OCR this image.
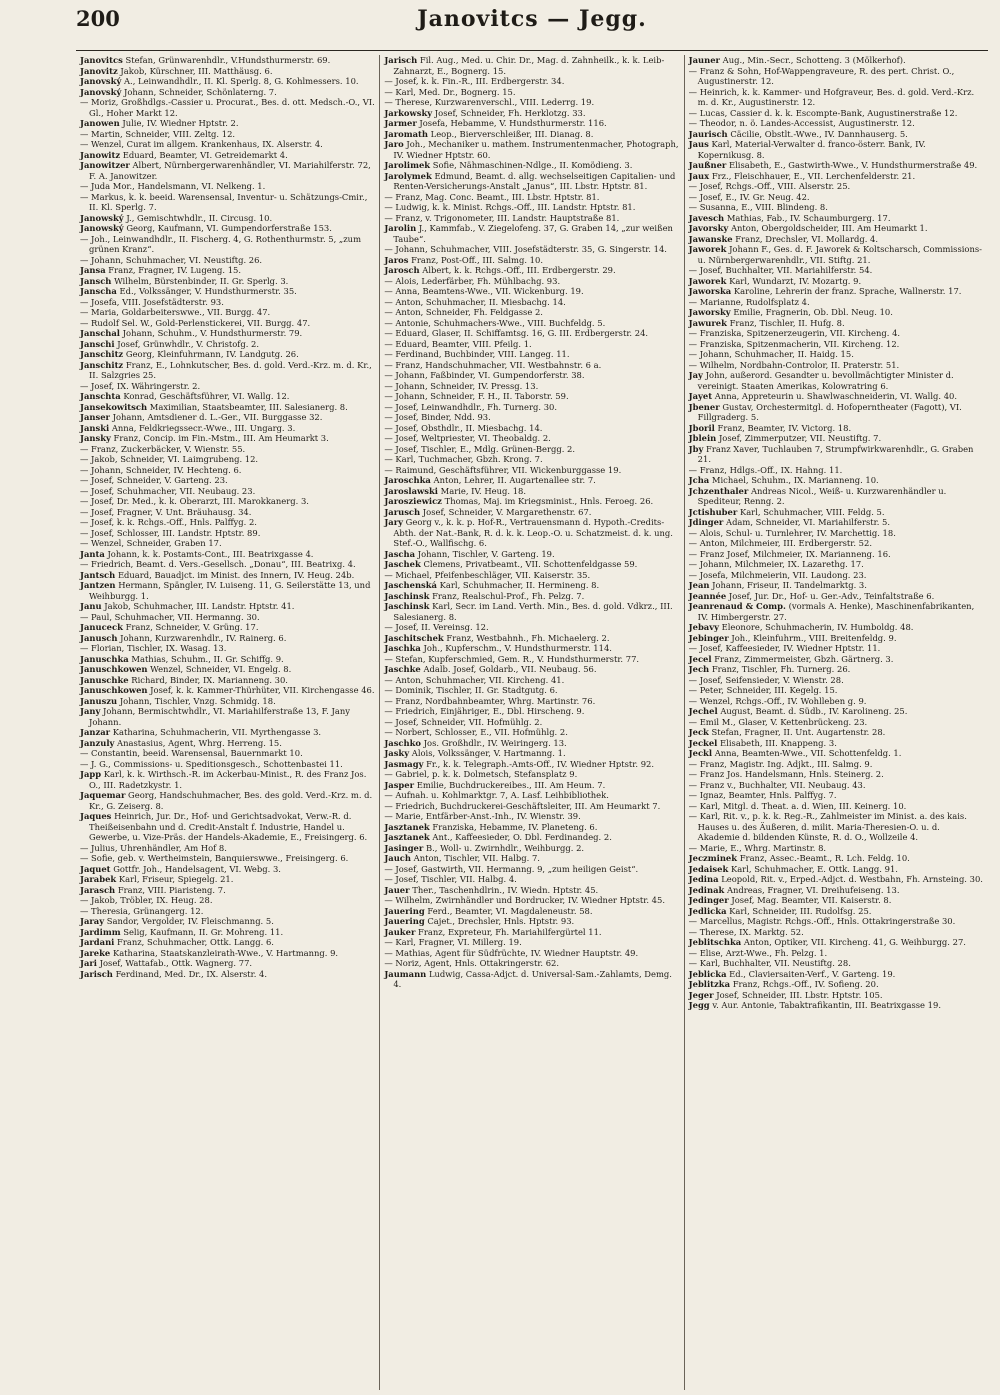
200	Janovitcs — Jegg.

Janovitcs Stefan, Grünwarenhdlr., V.Hundsthurmerstr. 69.

Janovitz Jakob, Kürschner, III. Matthäusg. 6.

Janovský A., Leinwandhdlr., II. Kl. Sperlg. 8, G. Kohlmessers. 10.

Janovský Johann, Schneider, Schönlaterng. 7.

— Moriz, Großhdlgs.-Cassier u. Procurat., Bes. d. ott. Medsch.-O., VI. Gl., Hoher Markt 12.

Janowen Julie, IV. Wiedner Hptstr. 2.

— Martin, Schneider, VIII. Zeltg. 12.

— Wenzel, Curat im allgem. Krankenhaus, IX. Alserstr. 4.

Janowitz Eduard, Beamter, VI. Getreidemarkt 4.

Janowitzer Albert, Nürnbergerwarenhändler, VI. Mariahilferstr. 72, F. A. Janowitzer.

— Juda Mor., Handelsmann, VI. Nelkeng. 1.

— Markus, k. k. beeid. Warensensal, Inventur- u. Schätzungs-Cmir., II. Kl. Sperlg. 7.

Janowský J., Gemischtwhdlr., II. Circusg. 10.

Janowský Georg, Kaufmann, VI. Gumpendorferstraße 153.

— Joh., Leinwandhdlr., II. Fischerg. 4, G. Rothenthurmstr. 5, „zum grünen Kranz“.

— Johann, Schuhmacher, VI. Neustiftg. 26.

Jansa Franz, Fragner, IV. Lugeng. 15.

Jansch Wilhelm, Bürstenbinder, II. Gr. Sperlg. 3.

Janscha Ed., Volkssänger, V. Hundsthurmerstr. 35.

— Josefa, VIII. Josefstädterstr. 93.

— Maria, Goldarbeiterswwe., VII. Burgg. 47.

— Rudolf Sel. W., Gold-Perlenstickerei, VII. Burgg. 47.

Janschal Johann, Schuhm., V. Hundsthurmerstr. 79.

Janschi Josef, Grünwhdlr., V. Christofg. 2.

Janschitz Georg, Kleinfuhrmann, IV. Landgutg. 26.

Janschitz Franz, E., Lohnkutscher, Bes. d. gold. Verd.-Krz. m. d. Kr., II. Salzgries 25.

— Josef, IX. Währingerstr. 2.

Janschta Konrad, Geschäftsführer, VI. Wallg. 12.

Jansekowitsch Maximilian, Staatsbeamter, III. Salesianerg. 8.

Janser Johann, Amtsdiener d. L.-Ger., VII. Burggasse 32.

Janski Anna, Feldkriegssecr.-Wwe., III. Ungarg. 3.

Jansky Franz, Concip. im Fin.-Mstm., III. Am Heumarkt 3.

— Franz, Zuckerbäcker, V. Wienstr. 55.

— Jakob, Schneider, VI. Laimgrubeng. 12.

— Johann, Schneider, IV. Hechteng. 6.

— Josef, Schneider, V. Garteng. 23.

— Josef, Schuhmacher, VII. Neubaug. 23.

— Josef, Dr. Med., k. k. Oberarzt, III. Marokkanerg. 3.

— Josef, Fragner, V. Unt. Bräuhausg. 34.

— Josef, k. k. Rchgs.-Off., Hnls. Palffyg. 2.

— Josef, Schlosser, III. Landstr. Hptstr. 89.

— Wenzel, Schneider, Graben 17.

Janta Johann, k. k. Postamts-Cont., III. Beatrixgasse 4.

— Friedrich, Beamt. d. Vers.-Gesellsch. „Donau“, III. Beatrixg. 4.

Jantsch Eduard, Bauadjct. im Minist. des Innern, IV. Heug. 24b.

Jantzen Hermann, Spängler, IV. Luiseng. 11, G. Seilerstätte 13, und Weihburgg. 1.

Janu Jakob, Schuhmacher, III. Landstr. Hptstr. 41.

— Paul, Schuhmacher, VII. Hermanng. 30.

Januceck Franz, Schneider, V. Grüng. 17.

Janusch Johann, Kurzwarenhdlr., IV. Rainerg. 6.

— Florian, Tischler, IX. Wasag. 13.

Januschka Mathias, Schuhm., II. Gr. Schiffg. 9.

Januschkowen Wenzel, Schneider, VI. Engelg. 8.

Januschke Richard, Binder, IX. Marianneng. 30.

Januschkowen Josef, k. k. Kammer-Thürhüter, VII. Kirchengasse 46.

Januszu Johann, Tischler, Vnzg. Schmidg. 18.

Jany Johann, Bermischtwhdlr., VI. Mariahilferstraße 13, F. Jany Johann.

Janzar Katharina, Schuhmacherin, VII. Myrthengasse 3.

Janzuly Anastasius, Agent, Whrg. Herreng. 15.

— Constantin, beeid. Warensensal, Bauernmarkt 10.

— J. G., Commissions- u. Speditionsgesch., Schottenbastei 11.

Japp Karl, k. k. Wirthsch.-R. im Ackerbau-Minist., R. des Franz Jos. O., III. Radetzkystr. 1.

Jaquemar Georg, Handschuhmacher, Bes. des gold. Verd.-Krz. m. d. Kr., G. Zeiserg. 8.

Jaques Heinrich, Jur. Dr., Hof- und Gerichtsadvokat, Verw.-R. d. Theißeisenbahn und d. Credit-Anstalt f. Industrie, Handel u. Gewerbe, u. Vize-Präs. der Handels-Akademie, E., Freisingerg. 6.

— Julius, Uhrenhändler, Am Hof 8.

— Sofie, geb. v. Wertheimstein, Banquierswwe., Freisingerg. 6.

Jaquet Gottfr. Joh., Handelsagent, VI. Webg. 3.

Jarabek Karl, Friseur, Spiegelg. 21.

Jarasch Franz, VIII. Piaristeng. 7.

— Jakob, Tröbler, IX. Heug. 28.

— Theresia, Grünangerg. 12.

Jaray Sandor, Vergolder, IV. Fleischmanng. 5.

Jardimm Selig, Kaufmann, II. Gr. Mohreng. 11.

Jardani Franz, Schuhmacher, Ottk. Langg. 6.

Jareke Katharina, Staatskanzleirath-Wwe., V. Hartmanng. 9.

Jari Josef, Wattafab., Ottk. Wagnerg. 77.

Jarisch Ferdinand, Med. Dr., IX. Alserstr. 4.

Jarisch Fil. Aug., Med. u. Chir. Dr., Mag. d. Zahnheilk., k. k. Leib-Zahnarzt, E., Bognerg. 15.

— Josef, k. k. Fin.-R., III. Erdbergerstr. 34.

— Karl, Med. Dr., Bognerg. 15.

— Therese, Kurzwarenverschl., VIII. Lederrg. 19.

Jarkowsky Josef, Schneider, Fh. Herklotzg. 33.

Jarmer Josefa, Hebamme, V. Hundsthurmerstr. 116.

Jaromath Leop., Bierverschleißer, III. Dianag. 8.

Jaro Joh., Mechaniker u. mathem. Instrumentenmacher, Photograph, IV. Wiedner Hptstr. 60.

Jarolimek Sofie, Nähmaschinen-Ndlge., II. Komödieng. 3.

Jarolymek Edmund, Beamt. d. allg. wechselseitigen Capitalien- und Renten-Versicherungs-Anstalt „Janus“, III. Lbstr. Hptstr. 81.

— Franz, Mag. Conc. Beamt., III. Lbstr. Hptstr. 81.

— Ludwig, k. k. Minist. Rchgs.-Off., III. Landstr. Hptstr. 81.

— Franz, v. Trigonometer, III. Landstr. Hauptstraße 81.

Jarolin J., Kammfab., V. Ziegelofeng. 37, G. Graben 14, „zur weißen Taube“.

— Johann, Schuhmacher, VIII. Josefstädterstr. 35, G. Singerstr. 14.

Jaros Franz, Post-Off., III. Salmg. 10.

Jarosch Albert, k. k. Rchgs.-Off., III. Erdbergerstr. 29.

— Alois, Lederfärber, Fh. Mühlbachg. 93.

— Anna, Beamtens-Wwe., VII. Wickenburg. 19.

— Anton, Schuhmacher, II. Miesbachg. 14.

— Anton, Schneider, Fh. Feldgasse 2.

— Antonie, Schuhmachers-Wwe., VIII. Buchfeldg. 5.

— Eduard, Glaser, II. Schiffamtsg. 16, G. III. Erdbergerstr. 24.

— Eduard, Beamter, VIII. Pfeilg. 1.

— Ferdinand, Buchbinder, VIII. Langeg. 11.

— Franz, Handschuhmacher, VII. Westbahnstr. 6 a.

— Johann, Faßbinder, VI. Gumpendorferstr. 38.

— Johann, Schneider, IV. Pressg. 13.

— Johann, Schneider, F. H., II. Taborstr. 59.

— Josef, Leinwandhdlr., Fh. Turnerg. 30.

— Josef, Binder, Ndd. 93.

— Josef, Obsthdlr., II. Miesbachg. 14.

— Josef, Weltpriester, VI. Theobaldg. 2.

— Josef, Tischler, E., Mdlg. Grünen-Bergg. 2.

— Karl, Tuchmacher, Gbzh. Krong. 7.

— Raimund, Geschäftsführer, VII. Wickenburggasse 19.

Jaroschka Anton, Lehrer, II. Augartenallee str. 7.

Jaroslawski Marie, IV. Heug. 18.

Jarosziewicz Thomas, Maj. im Kriegsminist., Hnls. Feroeg. 26.

Jarusch Josef, Schneider, V. Margarethenstr. 67.

Jary Georg v., k. k. p. Hof-R., Vertrauensmann d. Hypoth.-Credits-Abth. der Nat.-Bank, R. d. k. k. Leop.-O. u. Schatzmeist. d. k. ung. Stef.-O., Wallfischg. 6.

Jascha Johann, Tischler, V. Garteng. 19.

Jaschek Clemens, Privatbeamt., VII. Schottenfeldgasse 59.

— Michael, Pfeifenbeschläger, VII. Kaiserstr. 35.

Jaschenská Karl, Schuhmacher, II. Hermineng. 8.

Jaschinsk Franz, Realschul-Prof., Fh. Pelzg. 7.

Jaschinsk Karl, Secr. im Land. Verth. Min., Bes. d. gold. Vdkrz., III. Salesianerg. 8.

— Josef, II. Vereinsg. 12.

Jaschitschek Franz, Westbahnh., Fh. Michaelerg. 2.

Jaschka Joh., Kupferschm., V. Hundsthurmerstr. 114.

— Stefan, Kupferschmied, Gem. R., V. Hundsthurmerstr. 77.

Jaschke Adalb. Josef, Goldarb., VII. Neubaug. 56.

— Anton, Schuhmacher, VII. Kircheng. 41.

— Dominik, Tischler, II. Gr. Stadtgutg. 6.

— Franz, Nordbahnbeamter, Whrg. Martinstr. 76.

— Friedrich, Einjähriger, E., Dbl. Hirscheng. 9.

— Josef, Schneider, VII. Hofmühlg. 2.

— Norbert, Schlosser, E., VII. Hofmühlg. 2.

Jaschko Jos. Großhdlr., IV. Weiringerg. 13.

Jasky Alois, Volkssänger, V. Hartmanng. 1.

Jasmagy Fr., k. k. Telegraph.-Amts-Off., IV. Wiedner Hptstr. 92.

— Gabriel, p. k. k. Dolmetsch, Stefansplatz 9.

Jasper Emilie, Buchdruckereibes., III. Am Heum. 7.

— Aufnah. u. Kohlmarktgr. 7, A. Lasf. Leihbibliothek.

— Friedrich, Buchdruckerei-Geschäftsleiter, III. Am Heumarkt 7.

— Marie, Entfärber-Anst.-Inh., IV. Wienstr. 39.

Jasztanek Franziska, Hebamme, IV. Planeteng. 6.

Jasztanek Ant., Kaffeesieder, O. Dbl. Ferdinandeg. 2.

Jasinger B., Woll- u. Zwirnhdlr., Weihburgg. 2.

Jauch Anton, Tischler, VII. Halbg. 7.

— Josef, Gastwirth, VII. Hermanng. 9, „zum heiligen Geist“.

— Josef, Tischler, VII. Halbg. 4.

Jauer Ther., Taschenhdlrin., IV. Wiedn. Hptstr. 45.

— Wilhelm, Zwirnhändler und Bordrucker, IV. Wiedner Hptstr. 45.

Jauering Ferd., Beamter, VI. Magdaleneustr. 58.

Jauering Cajet., Drechsler, Hnls. Hptstr. 93.

Jauker Franz, Expreteur, Fh. Mariahilfergürtel 11.

— Karl, Fragner, VI. Millerg. 19.

— Mathias, Agent für Südfrüchte, IV. Wiedner Hauptstr. 49.

— Noriz, Agent, Hnls. Ottakringerstr. 62.

Jaumann Ludwig, Cassa-Adjct. d. Universal-Sam.-Zahlamts, Demg. 4.

Jauner Aug., Min.-Secr., Schotteng. 3 (Mölkerhof).

— Franz & Sohn, Hof-Wappengraveure, R. des pert. Christ. O., Augustinerstr. 12.

— Heinrich, k. k. Kammer- und Hofgraveur, Bes. d. gold. Verd.-Krz. m. d. Kr., Augustinerstr. 12.

— Lucas, Cassier d. k. k. Escompte-Bank, Augustinerstraße 12.

— Theodor, n. ö. Landes-Accessist, Augustinerstr. 12.

Jaurisch Cäcilie, Obstlt.-Wwe., IV. Dannhauserg. 5.

Jaus Karl, Material-Verwalter d. franco-österr. Bank, IV. Kopernikusg. 8.

Jaußner Elisabeth, E., Gastwirth-Wwe., V. Hundsthurmerstraße 49.

Jaux Frz., Fleischhauer, E., VII. Lerchenfelderstr. 21.

— Josef, Rchgs.-Off., VIII. Alserstr. 25.

— Josef, E., IV. Gr. Neug. 42.

— Susanna, E., VIII. Blindeng. 8.

Javesch Mathias, Fab., IV. Schaumburgerg. 17.

Javorsky Anton, Obergoldscheider, III. Am Heumarkt 1.

Jawanske Franz, Drechsler, VI. Mollardg. 4.

Jaworek Johann F., Ges. d. F. Jaworek & Koltscharsch, Commissions- u. Nürnbergerwarenhdlr., VII. Stiftg. 21.

— Josef, Buchhalter, VII. Mariahilferstr. 54.

Jaworek Karl, Wundarzt, IV. Mozartg. 9.

Jaworska Karoline, Lehrerin der franz. Sprache, Wallnerstr. 17.

— Marianne, Rudolfsplatz 4.

Jaworsky Emilie, Fragnerin, Ob. Dbl. Neug. 10.

Jawurek Franz, Tischler, II. Hufg. 8.

— Franziska, Spitzenerzeugerin, VII. Kircheng. 4.

— Franziska, Spitzenmacherin, VII. Kircheng. 12.

— Johann, Schuhmacher, II. Haidg. 15.

— Wilhelm, Nordbahn-Controlor, II. Praterstr. 51.

Jay John, außerord. Gesandter u. bevollmächtigter Minister d. vereinigt. Staaten Amerikas, Kolowratring 6.

Jayet Anna, Appreteurin u. Shawlwaschneiderin, VI. Wallg. 40.

Jbener Gustav, Orchestermitgl. d. Hofoperntheater (Fagott), VI. Fillgraderg. 5.

Jboril Franz, Beamter, IV. Victorg. 18.

Jblein Josef, Zimmerputzer, VII. Neustiftg. 7.

Jby Franz Xaver, Tuchlauben 7, Strumpfwirkwarenhdlr., G. Graben 21.

— Franz, Hdlgs.-Off., IX. Hahng. 11.

Jcha Michael, Schuhm., IX. Marianneng. 10.

Jchzenthaler Andreas Nicol., Weiß- u. Kurzwarenhändler u. Spediteur, Renng. 2.

Jctishuber Karl, Schuhmacher, VIII. Feldg. 5.

Jdinger Adam, Schneider, VI. Mariahilferstr. 5.

— Alois, Schul- u. Turnlehrer, IV. Marchettig. 18.

— Anton, Milchmeier, III. Erdbergerstr. 52.

— Franz Josef, Milchmeier, IX. Marianneng. 16.

— Johann, Milchmeier, IX. Lazarethg. 17.

— Josefa, Milchmeierin, VII. Laudong. 23.

Jean Johann, Friseur, II. Tandelmarktg. 3.

Jeannée Josef, Jur. Dr., Hof- u. Ger.-Adv., Teinfaltstraße 6.

Jeanrenaud & Comp. (vormals A. Henke), Maschinenfabrikanten, IV. Himbergerstr. 27.

Jebavy Eleonore, Schuhmacherin, IV. Humboldg. 48.

Jebinger Joh., Kleinfuhrm., VIII. Breitenfeldg. 9.

— Josef, Kaffeesieder, IV. Wiedner Hptstr. 11.

Jecel Franz, Zimmermeister, Gbzh. Gärtnerg. 3.

Jech Franz, Tischler, Fh. Turnerg. 26.

— Josef, Seifensieder, V. Wienstr. 28.

— Peter, Schneider, III. Kegelg. 15.

— Wenzel, Rchgs.-Off., IV. Wohlleben g. 9.

Jechel August, Beamt. d. Südb., IV. Karolineng. 25.

— Emil M., Glaser, V. Kettenbrückeng. 23.

Jeck Stefan, Fragner, II. Unt. Augartenstr. 28.

Jeckel Elisabeth, III. Knappeng. 3.

Jeckl Anna, Beamten-Wwe., VII. Schottenfeldg. 1.

— Franz, Magistr. Ing. Adjkt., III. Salmg. 9.

— Franz Jos. Handelsmann, Hnls. Steinerg. 2.

— Franz v., Buchhalter, VII. Neubaug. 43.

— Ignaz, Beamter, Hnls. Palffyg. 7.

— Karl, Mitgl. d. Theat. a. d. Wien, III. Keinerg. 10.

— Karl, Rit. v., p. k. k. Reg.-R., Zahlmeister im Minist. a. des kais. Hauses u. des Äußeren, d. milit. Maria-Theresien-O. u. d. Akademie d. bildenden Künste, R. d. O., Wollzeile 4.

— Marie, E., Whrg. Martinstr. 8.

Jeczminek Franz, Assec.-Beamt., R. Lch. Feldg. 10.

Jedaisek Karl, Schuhmacher, E. Ottk. Langg. 91.

Jedina Leopold, Rit. v., Erped.-Adjct. d. Westbahn, Fh. Arnsteing. 30.

Jedinak Andreas, Fragner, VI. Dreihufeiseng. 13.

Jedinger Josef, Mag. Beamter, VII. Kaiserstr. 8.

Jedlicka Karl, Schneider, III. Rudolfsg. 25.

— Marcellus, Magistr. Rchgs.-Off., Hnls. Ottakringerstraße 30.

— Therese, IX. Marktg. 52.

Jeblitschka Anton, Optiker, VII. Kircheng. 41, G. Weihburgg. 27.

— Elise, Arzt-Wwe., Fh. Pelzg. 1.

— Karl, Buchhalter, VII. Neustiftg. 28.

Jeblicka Ed., Claviersaiten-Verf., V. Garteng. 19.

Jeblitzka Franz, Rchgs.-Off., IV. Sofieng. 20.

Jeger Josef, Schneider, III. Lbstr. Hptstr. 105.

Jegg v. Aur. Antonie, Tabaktrafikantin, III. Beatrixgasse 19.
